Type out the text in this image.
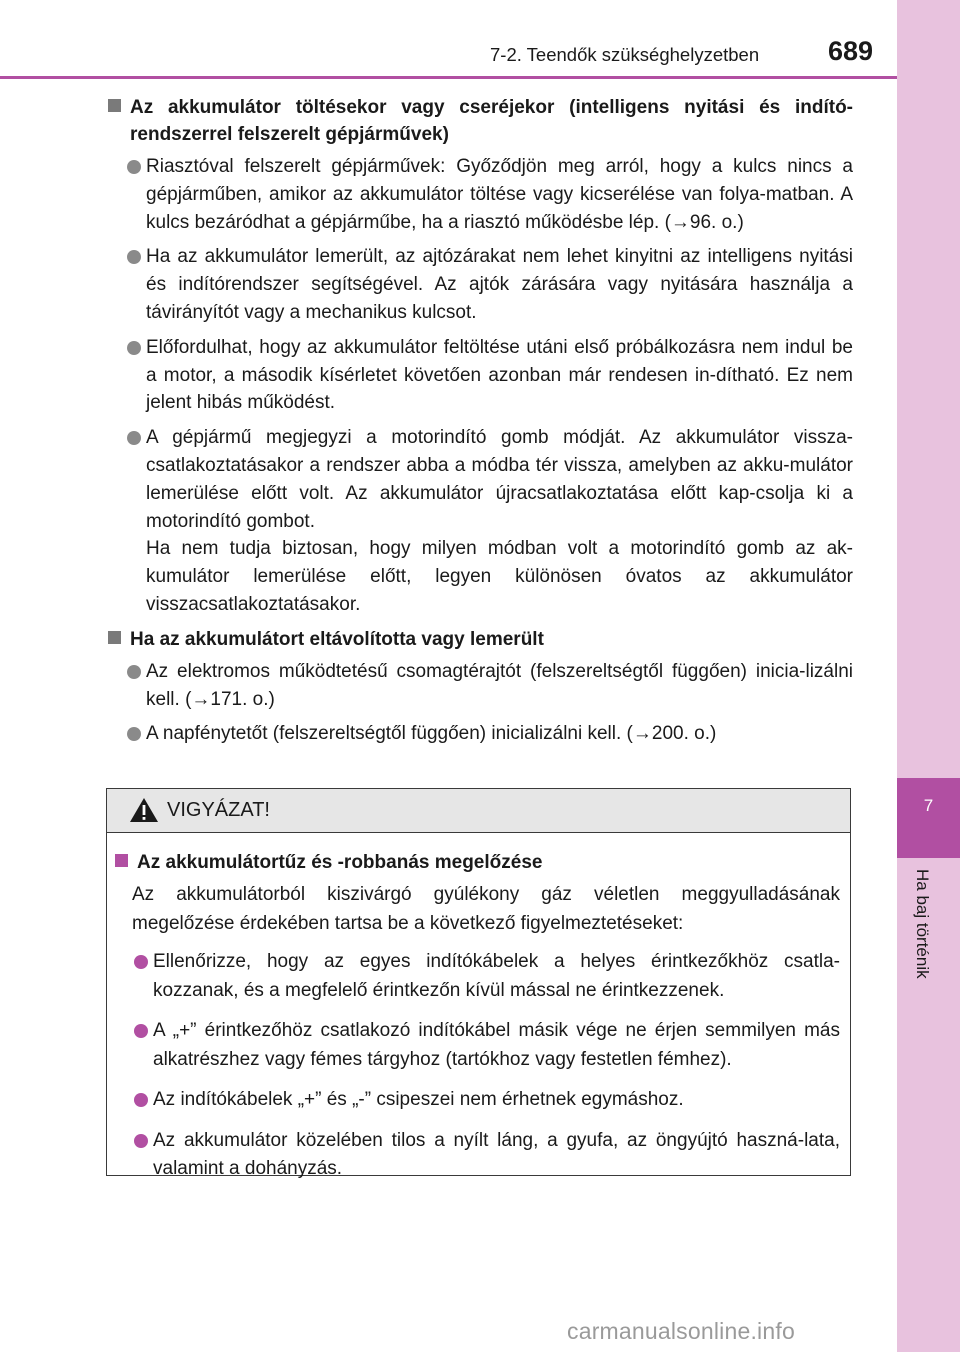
7
Ha baj történik
7-2. Teendők szükséghelyzetben	689
Az akkumulátor töltésekor vagy cseréjekor (intelligens nyitási és indító-rendszerrel felszerelt gépjárművek)
Riasztóval felszerelt gépjárművek: Győződjön meg arról, hogy a kulcs nincs a gépjárműben, amikor az akkumulátor töltése vagy kicserélése van folya-matban. A kulcs bezáródhat a gépjárműbe, ha a riasztó működésbe lép. (→96. o.)
Ha az akkumulátor lemerült, az ajtózárakat nem lehet kinyitni az intelligens nyitási és indítórendszer segítségével. Az ajtók zárására vagy nyitására használja a távirányítót vagy a mechanikus kulcsot.
Előfordulhat, hogy az akkumulátor feltöltése utáni első próbálkozásra nem indul be a motor, a második kísérletet követően azonban már rendesen in-dítható. Ez nem jelent hibás működést.
A gépjármű megjegyzi a motorindító gomb módját. Az akkumulátor vissza-csatlakoztatásakor a rendszer abba a módba tér vissza, amelyben az akku-mulátor lemerülése előtt volt. Az akkumulátor újracsatlakoztatása előtt kap-csolja ki a motorindító gombot.
Ha nem tudja biztosan, hogy milyen módban volt a motorindító gomb az ak-kumulátor lemerülése előtt, legyen különösen óvatos az akkumulátor visszacsatlakoztatásakor.
Ha az akkumulátort eltávolította vagy lemerült
Az elektromos működtetésű csomagtérajtót (felszereltségtől függően) inicia-lizálni kell. (→171. o.)
A napfénytetőt (felszereltségtől függően) inicializálni kell. (→200. o.)
VIGYÁZAT!
Az akkumulátortűz és -robbanás megelőzése
Az akkumulátorból kiszivárgó gyúlékony gáz véletlen meggyulladásának megelőzése érdekében tartsa be a következő figyelmeztetéseket:
Ellenőrizze, hogy az egyes indítókábelek a helyes érintkezőkhöz csatla-kozzanak, és a megfelelő érintkezőn kívül mással ne érintkezzenek.
A „+” érintkezőhöz csatlakozó indítókábel másik vége ne érjen semmilyen más alkatrészhez vagy fémes tárgyhoz (tartókhoz vagy festetlen fémhez).
Az indítókábelek „+” és „-” csipeszei nem érhetnek egymáshoz.
Az akkumulátor közelében tilos a nyílt láng, a gyufa, az öngyújtó haszná-lata, valamint a dohányzás.
carmanualsonline.info
